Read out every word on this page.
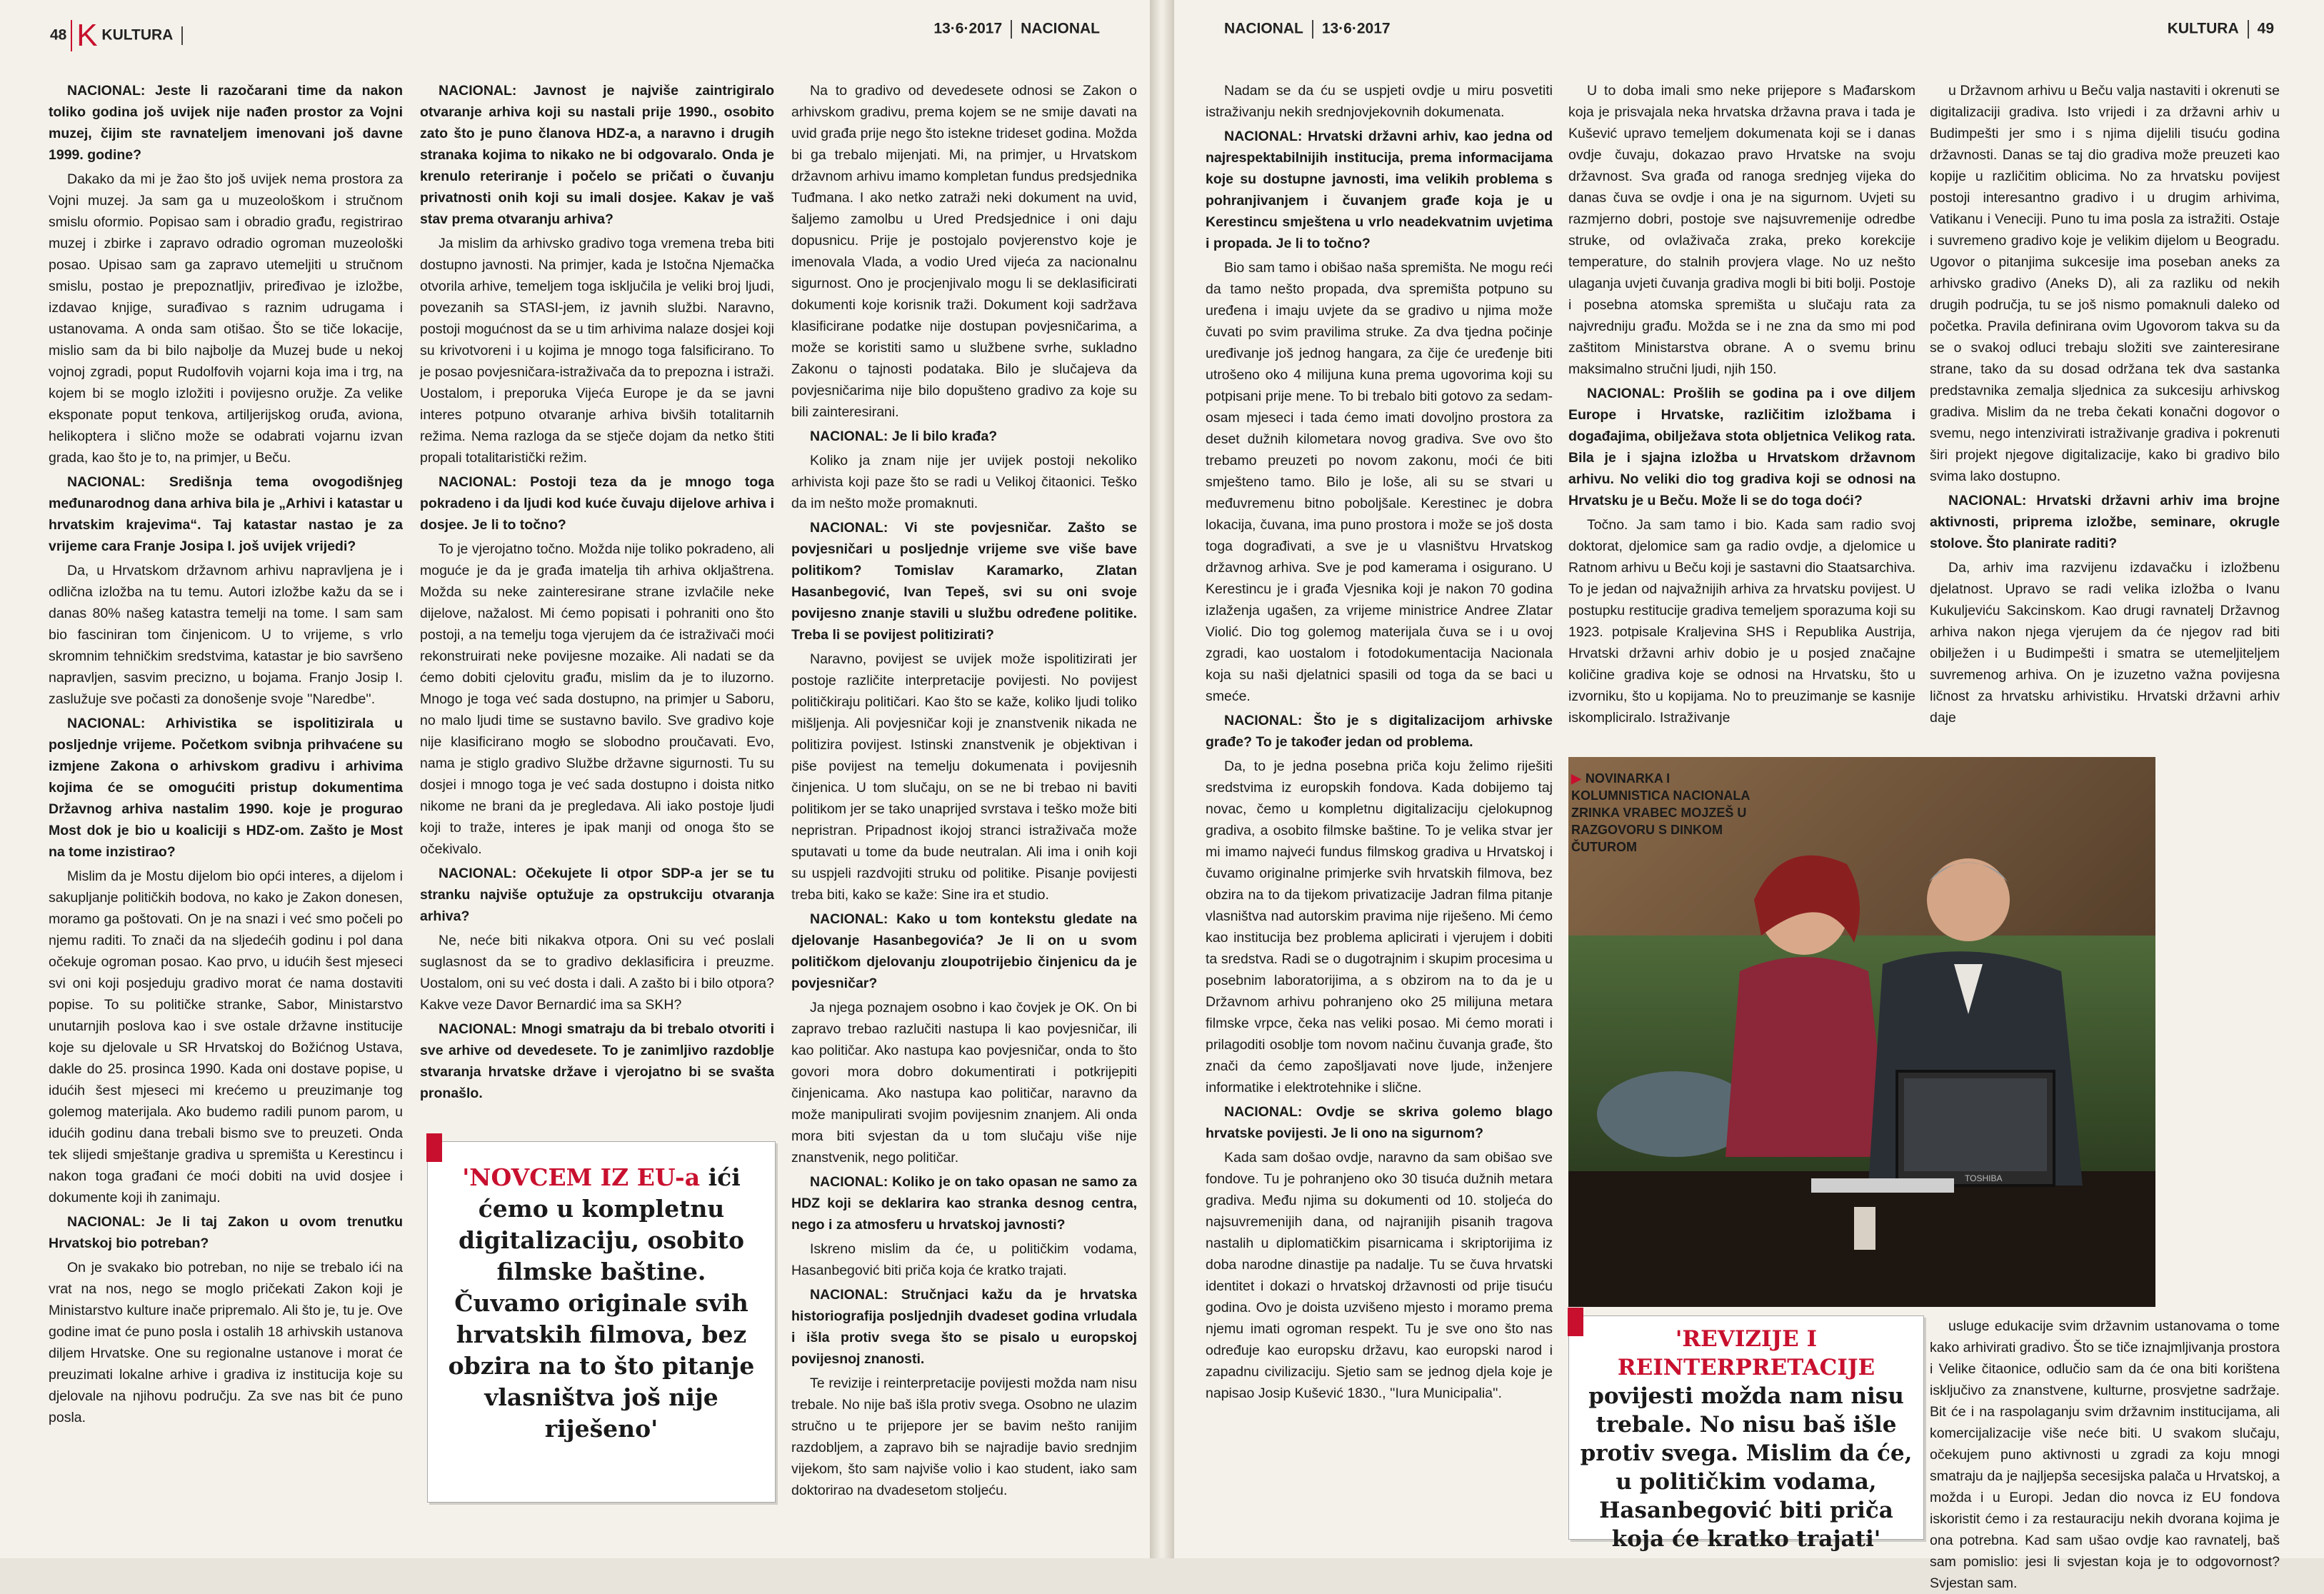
48 K KULTURA	13·6·2017 NACIONAL

NACIONAL: Jeste li razočarani time da nakon toliko godina još uvijek nije nađen prostor za Vojni muzej, čijim ste ravnateljem imenovani još davne 1999. godine?

Dakako da mi je žao što još uvijek nema prostora za Vojni muzej. Ja sam ga u muzeološkom i stručnom smislu oformio. Popisao sam i obradio građu, registrirao muzej i zbirke i zapravo odradio ogroman muzeološki posao. Upisao sam ga zapravo utemeljiti u stručnom smislu, postao je prepoznatljiv, priređivao je izložbe, izdavao knjige, surađivao s raznim udrugama i ustanovama. A onda sam otišao. Što se tiče lokacije, mislio sam da bi bilo najbolje da Muzej bude u nekoj vojnoj zgradi, poput Rudolfovih vojarni koja ima i trg, na kojem bi se moglo izložiti i povijesno oružje. Za velike eksponate poput tenkova, artiljerijskog oruđa, aviona, helikoptera i slično može se odabrati vojarnu izvan grada, kao što je to, na primjer, u Beču.

NACIONAL: Središnja tema ovogodišnjeg međunarodnog dana arhiva bila je „Arhivi i katastar u hrvatskim krajevima“. Taj katastar nastao je za vrijeme cara Franje Josipa I. još uvijek vrijedi?

Da, u Hrvatskom državnom arhivu napravljena je i odlična izložba na tu temu. Autori izložbe kažu da se i danas 80% našeg katastra temelji na tome. I sam sam bio fasciniran tom činjenicom. U to vrijeme, s vrlo skromnim tehničkim sredstvima, katastar je bio savršeno napravljen, sasvim precizno, u bojama. Franjo Josip I. zaslužuje sve počasti za donošenje svoje ''Naredbe''.

NACIONAL: Arhivistika se ispolitizirala u posljednje vrijeme. Početkom svibnja prihvaćene su izmjene Zakona o arhivskom gradivu i arhivima kojima će se omogućiti pristup dokumentima Državnog arhiva nastalim 1990. koje je progurao Most dok je bio u koaliciji s HDZ-om. Zašto je Most na tome inzistirao?

Mislim da je Mostu dijelom bio opći interes, a dijelom i sakupljanje političkih bodova, no kako je Zakon donesen, moramo ga poštovati. On je na snazi i već smo počeli po njemu raditi. To znači da na sljedećih godinu i pol dana očekuje ogroman posao. Kao prvo, u idućih šest mjeseci svi oni koji posjeduju gradivo morat će nama dostaviti popise. To su političke stranke, Sabor, Ministarstvo unutarnjih poslova kao i sve ostale državne institucije koje su djelovale u SR Hrvatskoj do Božićnog Ustava, dakle do 25. prosinca 1990. Kada oni dostave popise, u idućih šest mjeseci mi krećemo u preuzimanje tog golemog materijala. Ako budemo radili punom parom, u idućih godinu dana trebali bismo sve to preuzeti. Onda tek slijedi smještanje gradiva u spremišta u Kerestincu i nakon toga građani će moći dobiti na uvid dosjee i dokumente koji ih zanimaju.

NACIONAL: Je li taj Zakon u ovom trenutku Hrvatskoj bio potreban?

On je svakako bio potreban, no nije se trebalo ići na vrat na nos, nego se moglo pričekati Zakon koji je Ministarstvo kulture inače pripremalo. Ali što je, tu je. Ove godine imat će puno posla i ostalih 18 arhivskih ustanova diljem Hrvatske. One su regionalne ustanove i morat će preuzimati lokalne arhive i gradiva iz institucija koje su djelovale na njihovu području. Za sve nas bit će puno posla.

NACIONAL: Javnost je najviše zaintrigiralo otvaranje arhiva koji su nastali prije 1990., osobito zato što je puno članova HDZ-a, a naravno i drugih stranaka kojima to nikako ne bi odgovaralo. Onda je krenulo reteriranje i počelo se pričati o čuvanju privatnosti onih koji su imali dosjee. Kakav je vaš stav prema otvaranju arhiva?

Ja mislim da arhivsko gradivo toga vremena treba biti dostupno javnosti. Na primjer, kada je Istočna Njemačka otvorila arhive, temeljem toga isključila je veliki broj ljudi, povezanih sa STASI-jem, iz javnih službi. Naravno, postoji mogućnost da se u tim arhivima nalaze dosjei koji su krivotvoreni i u kojima je mnogo toga falsificirano. To je posao povjesničara-istraživača da to prepozna i istraži. Uostalom, i preporuka Vijeća Europe je da se javni interes potpuno otvaranje arhiva bivših totalitarnih režima. Nema razloga da se stječe dojam da netko štiti propali totalitaristički režim.

NACIONAL: Postoji teza da je mnogo toga pokradeno i da ljudi kod kuće čuvaju dijelove arhiva i dosjee. Je li to točno?

To je vjerojatno točno. Možda nije toliko pokradeno, ali moguće je da je građa imatelja tih arhiva okljaštrena. Možda su neke zainteresirane strane izvlačile neke dijelove, nažalost. Mi ćemo popisati i pohraniti ono što postoji, a na temelju toga vjerujem da će istraživači moći rekonstruirati neke povijesne mozaike. Ali nadati se da ćemo dobiti cjelovitu građu, mislim da je to iluzorno. Mnogo je toga već sada dostupno, na primjer u Saboru, no malo ljudi time se sustavno bavilo. Sve gradivo koje nije klasificirano mogło se slobodno proučavati. Evo, nama je stiglo gradivo Službe državne sigurnosti. Tu su dosjei i mnogo toga je već sada dostupno i doista nitko nikome ne brani da je pregledava. Ali iako postoje ljudi koji to traže, interes je ipak manji od onoga što se očekivalo.

NACIONAL: Očekujete li otpor SDP-a jer se tu stranku najviše optužuje za opstrukciju otvaranja arhiva?

Ne, neće biti nikakva otpora. Oni su već poslali suglasnost da se to gradivo deklasificira i preuzme. Uostalom, oni su već dosta i dali. A zašto bi i bilo otpora? Kakve veze Davor Bernardić ima sa SKH?

NACIONAL: Mnogi smatraju da bi trebalo otvoriti i sve arhive od devedesete. To je zanimljivo razdoblje stvaranja hrvatske države i vjerojatno bi se svašta pronašlo.

Na to gradivo od devedesete odnosi se Zakon o arhivskom gradivu, prema kojem se ne smije davati na uvid građa prije nego što istekne trideset godina. Možda bi ga trebalo mijenjati. Mi, na primjer, u Hrvatskom državnom arhivu imamo kompletan fundus predsjednika Tuđmana. I ako netko zatraži neki dokument na uvid, šaljemo zamolbu u Ured Predsjednice i oni daju dopusnicu. Prije je postojalo povjerenstvo koje je imenovala Vlada, a vodio Ured vijeća za nacionalnu sigurnost. Ono je procjenjivalo mogu li se deklasificirati dokumenti koje korisnik traži. Dokument koji sadržava klasificirane podatke nije dostupan povjesničarima, a može se koristiti samo u službene svrhe, sukladno Zakonu o tajnosti podataka. Bilo je slučajeva da povjesničarima nije bilo dopušteno gradivo za koje su bili zainteresirani.

NACIONAL: Je li bilo krađa?

Koliko ja znam nije jer uvijek postoji nekoliko arhivista koji paze što se radi u Velikoj čitaonici. Teško da im nešto može promaknuti.

NACIONAL: Vi ste povjesničar. Zašto se povjesničari u posljednje vrijeme sve više bave politikom? Tomislav Karamarko, Zlatan Hasanbegović, Ivan Tepeš, svi su oni svoje povijesno znanje stavili u službu određene politike. Treba li se povijest politizirati?

Naravno, povijest se uvijek može ispolitizirati jer postoje različite interpretacije povijesti. No povijest političkiraju političari. Kao što se kaže, koliko ljudi toliko mišljenja. Ali povjesničar koji je znanstvenik nikada ne politizira povijest. Istinski znanstvenik je objektivan i piše povijest na temelju dokumenata i povijesnih činjenica. U tom slučaju, on se ne bi trebao ni baviti politikom jer se tako unaprijed svrstava i teško može biti nepristran. Pripadnost ikojoj stranci istraživača može sputavati u tome da bude neutralan. Ali ima i onih koji su uspjeli razdvojiti struku od politike. Pisanje povijesti treba biti, kako se kaže: Sine ira et studio.

NACIONAL: Kako u tom kontekstu gledate na djelovanje Hasanbegovića? Je li on u svom političkom djelovanju zloupotrijebio činjenicu da je povjesničar?

Ja njega poznajem osobno i kao čovjek je OK. On bi zapravo trebao razlučiti nastupa li kao povjesničar, ili kao političar. Ako nastupa kao povjesničar, onda to što govori mora dobro dokumentirati i potkrijepiti činjenicama. Ako nastupa kao političar, naravno da može manipulirati svojim povijesnim znanjem. Ali onda mora biti svjestan da u tom slučaju više nije znanstvenik, nego političar.

NACIONAL: Koliko je on tako opasan ne samo za HDZ koji se deklarira kao stranka desnog centra, nego i za atmosferu u hrvatskoj javnosti?

Iskreno mislim da će, u političkim vodama, Hasanbegović biti priča koja će kratko trajati.

NACIONAL: Stručnjaci kažu da je hrvatska historiografija posljednjih dvadeset godina vrludala i išla protiv svega što se pisalo u europskoj povijesnoj znanosti.

Te revizije i reinterpretacije povijesti možda nam nisu trebale. No nije baš išla protiv svega. Osobno ne ulazim stručno u te prijepore jer se bavim nešto ranijim razdobljem, a zapravo bih se najradije bavio srednjim vijekom, što sam najviše volio i kao student, iako sam doktorirao na dvadesetom stoljeću.

'NOVCEM IZ EU-a ići ćemo u kompletnu digitalizaciju, osobito filmske baštine. Čuvamo originale svih hrvatskih filmova, bez obzira na to što pitanje vlasništva još nije riješeno'
NACIONAL 13·6·2017	KULTURA 49

Nadam se da ću se uspjeti ovdje u miru posvetiti istraživanju nekih srednjovjekovnih dokumenata.

NACIONAL: Hrvatski državni arhiv, kao jedna od najrespektabilnijih institucija, prema informacijama koje su dostupne javnosti, ima velikih problema s pohranjivanjem i čuvanjem građe koja je u Kerestincu smještena u vrlo neadekvatnim uvjetima i propada. Je li to točno?

Bio sam tamo i obišao naša spremišta. Ne mogu reći da tamo nešto propada, dva spremišta potpuno su uređena i imaju uvjete da se gradivo u njima može čuvati po svim pravilima struke. Za dva tjedna počinje uređivanje još jednog hangara, za čije će uređenje biti utrošeno oko 4 milijuna kuna prema ugovorima koji su potpisani prije mene. To bi trebalo biti gotovo za sedam-osam mjeseci i tada ćemo imati dovoljno prostora za deset dužnih kilometara novog gradiva. Sve ovo što trebamo preuzeti po novom zakonu, moći će biti smješteno tamo. Bilo je loše, ali su se stvari u međuvremenu bitno poboljšale. Kerestinec je dobra lokacija, čuvana, ima puno prostora i može se još dosta toga dograđivati, a sve je u vlasništvu Hrvatskog državnog arhiva. Sve je pod kamerama i osigurano. U Kerestincu je i građa Vjesnika koji je nakon 70 godina izlaženja ugašen, za vrijeme ministrice Andree Zlatar Violić. Dio tog golemog materijala čuva se i u ovoj zgradi, kao uostalom i fotodokumentacija Nacionala koja su naši djelatnici spasili od toga da se baci u smeće.

NACIONAL: Što je s digitalizacijom arhivske građe? To je također jedan od problema.

Da, to je jedna posebna priča koju želimo riješiti sredstvima iz europskih fondova. Kada dobijemo taj novac, čemo u kompletnu digitalizaciju cjelokupnog gradiva, a osobito filmske baštine. To je velika stvar jer mi imamo najveći fundus filmskog gradiva u Hrvatskoj i čuvamo originalne primjerke svih hrvatskih filmova, bez obzira na to da tijekom privatizacije Jadran filma pitanje vlasništva nad autorskim pravima nije riješeno. Mi ćemo kao institucija bez problema aplicirati i vjerujem i dobiti ta sredstva. Radi se o dugotrajnim i skupim procesima u posebnim laboratorijima, a s obzirom na to da je u Državnom arhivu pohranjeno oko 25 milijuna metara filmske vrpce, čeka nas veliki posao. Mi ćemo morati i prilagoditi osoblje tom novom načinu čuvanja građe, što znači da ćemo zapošljavati nove ljude, inženjere informatike i elektrotehnike i slične.

NACIONAL: Ovdje se skriva golemo blago hrvatske povijesti. Je li ono na sigurnom?

Kada sam došao ovdje, naravno da sam obišao sve fondove. Tu je pohranjeno oko 30 tisuća dužnih metara gradiva. Među njima su dokumenti od 10. stoljeća do najsuvremenijih dana, od najranijih pisanih tragova nastalih u diplomatičkim pisarnicama i skriptorijima iz doba narodne dinastije pa nadalje. Tu se čuva hrvatski identitet i dokazi o hrvatskoj državnosti od prije tisuću godina. Ovo je doista uzvišeno mjesto i moramo prema njemu imati ogroman respekt. Tu je sve ono što nas određuje kao europsku državu, kao europski narod i zapadnu civilizaciju. Sjetio sam se jednog djela koje je napisao Josip Kušević 1830., ''Iura Municipalia''.

U to doba imali smo neke prijepore s Mađarskom koja je prisvajala neka hrvatska državna prava i tada je Kušević upravo temeljem dokumenata koji se i danas ovdje čuvaju, dokazao pravo Hrvatske na svoju državnost. Sva građa od ranoga srednjeg vijeka do danas čuva se ovdje i ona je na sigurnom. Uvjeti su razmjerno dobri, postoje sve najsuvremenije odredbe struke, od ovlaživača zraka, preko korekcije temperature, do stalnih provjera vlage. No uz nešto ulaganja uvjeti čuvanja gradiva mogli bi biti bolji. Postoje i posebna atomska spremišta u slučaju rata za najvredniju građu. Možda se i ne zna da smo mi pod zaštitom Ministarstva obrane. A o svemu brinu maksimalno stručni ljudi, njih 150.

NACIONAL: Prošlih se godina pa i ove diljem Europe i Hrvatske, različitim izložbama i događajima, obilježava stota obljetnica Velikog rata. Bila je i sjajna izložba u Hrvatskom državnom arhivu. No veliki dio tog gradiva koji se odnosi na Hrvatsku je u Beču. Može li se do toga doći?

Točno. Ja sam tamo i bio. Kada sam radio svoj doktorat, djelomice sam ga radio ovdje, a djelomice u Ratnom arhivu u Beču koji je sastavni dio Staatsarchiva. To je jedan od najvažnijih arhiva za hrvatsku povijest. U postupku restitucije gradiva temeljem sporazuma koji su 1923. potpisale Kraljevina SHS i Republika Austrija, Hrvatski državni arhiv dobio je u posjed značajne količine gradiva koje se odnosi na Hrvatsku, što u izvorniku, što u kopijama. No to preuzimanje se kasnije iskompliciralo. Istraživanje

u Državnom arhivu u Beču valja nastaviti i okrenuti se digitalizaciji gradiva. Isto vrijedi i za državni arhiv u Budimpešti jer smo i s njima dijelili tisuću godina državnosti. Danas se taj dio gradiva može preuzeti kao kopije u različitim oblicima. No za hrvatsku povijest postoji interesantno gradivo i u drugim arhivima, Vatikanu i Veneciji. Puno tu ima posla za istražiti. Ostaje i suvremeno gradivo koje je velikim dijelom u Beogradu. Ugovor o pitanjima sukcesije ima poseban aneks za arhivsko gradivo (Aneks D), ali za razliku od nekih drugih područja, tu se još nismo pomaknuli daleko od početka. Pravila definirana ovim Ugovorom takva su da se o svakoj odluci trebaju složiti sve zainteresirane strane, tako da su dosad održana tek dva sastanka predstavnika zemalja sljednica za sukcesiju arhivskog gradiva. Mislim da ne treba čekati konačni dogovor o svemu, nego intenzivirati istraživanje gradiva i pokrenuti širi projekt njegove digitalizacije, kako bi gradivo bilo svima lako dostupno.

NACIONAL: Hrvatski državni arhiv ima brojne aktivnosti, priprema izložbe, seminare, okrugle stolove. Što planirate raditi?

Da, arhiv ima razvijenu izdavačku i izložbenu djelatnost. Upravo se radi velika izložba o Ivanu Kukuljeviću Sakcinskom. Kao drugi ravnatelj Državnog arhiva nakon njega vjerujem da će njegov rad biti obilježen i u Budimpešti i smatra se utemeljiteljem suvremenog arhiva. On je izuzetno važna povijesna ličnost za hrvatsku arhivistiku. Hrvatski državni arhiv daje

usluge edukacije svim državnim ustanovama o tome kako arhivirati gradivo. Što se tiče iznajmljivanja prostora i Velike čitaonice, odlučio sam da će ona biti korištena isključivo za znanstvene, kulturne, prosvjetne sadržaje. Bit će i na raspolaganju svim državnim institucijama, ali komercijalizacije više neće biti. U svakom slučaju, očekujem puno aktivnosti u zgradi za koju mnogi smatraju da je najljepša secesijska palača u Hrvatskoj, a možda i u Europi. Jedan dio novca iz EU fondova iskoristit ćemo i za restauraciju nekih dvorana kojima je ona potrebna. Kad sam ušao ovdje kao ravnatelj, baš sam pomislio: jesi li svjestan koja je to odgovornost? Svjestan sam.

TOSHIBA
▶ NOVINARKA I KOLUMNISTICA NACIONALA ZRINKA VRABEC MOJZEŠ U RAZGOVORU S DINKOM ČUTUROM
'REVIZIJE I REINTERPRETACIJE povijesti možda nam nisu trebale. No nisu baš išle protiv svega. Mislim da će, u političkim vodama, Hasanbegović biti priča koja će kratko trajati'
